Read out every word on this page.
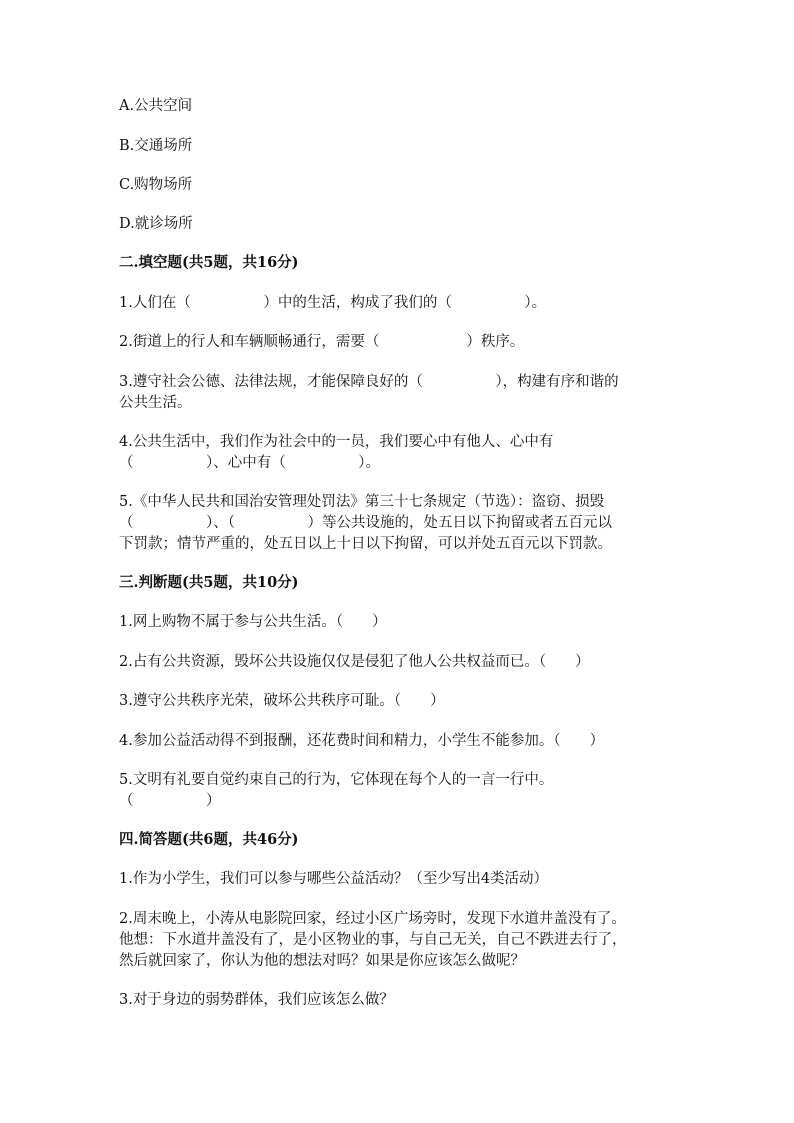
A.公共空间
B.交通场所
C.购物场所
D.就诊场所
二.填空题(共5题，共16分)
1.人们在（　　　　　）中的生活，构成了我们的（　　　　　）。
2.街道上的行人和车辆顺畅通行，需要（　　　　　　）秩序。
3.遵守社会公德、法律法规，才能保障良好的（　　　　　），构建有序和谐的
公共生活。
4.公共生活中，我们作为社会中的一员，我们要心中有他人、心中有
（　　　　　）、心中有（　　　　　）。
5.《中华人民共和国治安管理处罚法》第三十七条规定（节选）：盗窃、损毁
（　　　　　）、（　　　　　）等公共设施的，处五日以下拘留或者五百元以
下罚款；情节严重的，处五日以上十日以下拘留，可以并处五百元以下罚款。
三.判断题(共5题，共10分)
1.网上购物不属于参与公共生活。（　　）
2.占有公共资源，毁坏公共设施仅仅是侵犯了他人公共权益而已。（　　）
3.遵守公共秩序光荣，破坏公共秩序可耻。（　　）
4.参加公益活动得不到报酬，还花费时间和精力，小学生不能参加。（　　）
5.文明有礼要自觉约束自己的行为，它体现在每个人的一言一行中。
（　　　　　）
四.简答题(共6题，共46分)
1.作为小学生，我们可以参与哪些公益活动？（至少写出4类活动）
2.周末晚上，小涛从电影院回家，经过小区广场旁时，发现下水道井盖没有了。
他想：下水道井盖没有了，是小区物业的事，与自己无关，自己不跌进去行了，
然后就回家了，你认为他的想法对吗？如果是你应该怎么做呢？
3.对于身边的弱势群体，我们应该怎么做？
